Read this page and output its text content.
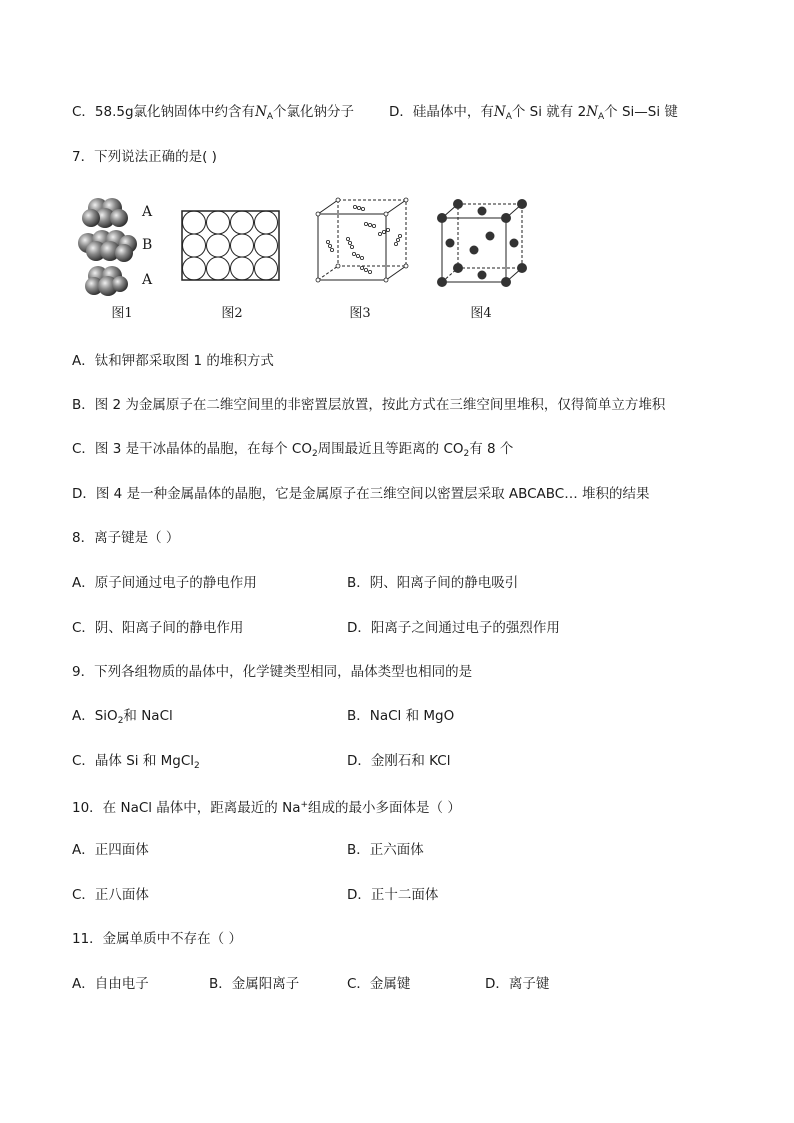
C．58.5g氯化钠固体中约含有$N_A$个氯化钠分子	D．硅晶体中，有$N_A$个 Si 就有 $2N_A$个 Si—Si 键
7．下列说法正确的是( )
A
B
A
图1	图2	图3	图4
A．钛和钾都采取图 1 的堆积方式
B．图 2 为金属原子在二维空间里的非密置层放置，按此方式在三维空间里堆积，仅得简单立方堆积
C．图 3 是干冰晶体的晶胞，在每个 $CO_2$周围最近且等距离的 $CO_2$有 8 个
D．图 4 是一种金属晶体的晶胞，它是金属原子在三维空间以密置层采取 ABCABC… 堆积的结果
8．离子键是（ ）
A．原子间通过电子的静电作用	B．阴、阳离子间的静电吸引
C．阴、阳离子间的静电作用	D．阳离子之间通过电子的强烈作用
9．下列各组物质的晶体中，化学键类型相同，晶体类型也相同的是
A．SiO$_2$和 NaCl	B．NaCl 和 MgO
C．晶体 Si 和 MgCl$_2$	D．金刚石和 KCl
10．在 NaCl 晶体中，距离最近的 Na+组成的最小多面体是（ ）
A．正四面体	B．正六面体
C．正八面体	D．正十二面体
11．金属单质中不存在（ ）
A．自由电子	B．金属阳离子	C．金属键	D．离子键
